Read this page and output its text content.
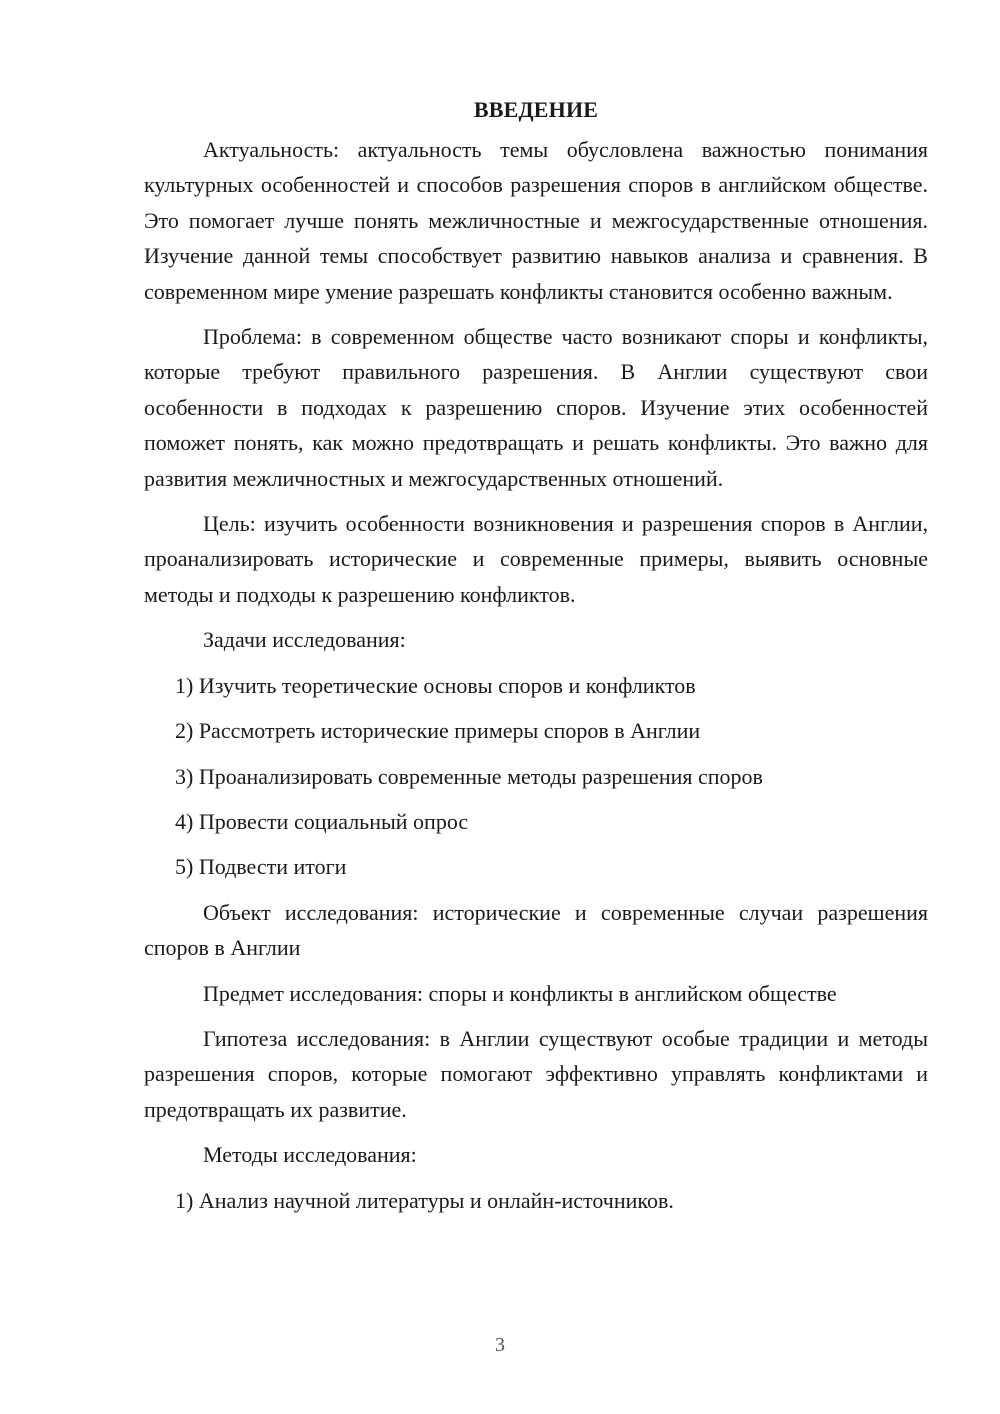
ВВЕДЕНИЕ

Актуальность: актуальность темы обусловлена важностью понимания культурных особенностей и способов разрешения споров в английском обществе. Это помогает лучше понять межличностные и межгосударственные отношения. Изучение данной темы способствует развитию навыков анализа и сравнения. В современном мире умение разрешать конфликты становится особенно важным.

Проблема: в современном обществе часто возникают споры и конфликты, которые требуют правильного разрешения. В Англии существуют свои особенности в подходах к разрешению споров. Изучение этих особенностей поможет понять, как можно предотвращать и решать конфликты. Это важно для развития межличностных и межгосударственных отношений.

Цель: изучить особенности возникновения и разрешения споров в Англии, проанализировать исторические и современные примеры, выявить основные методы и подходы к разрешению конфликтов.

Задачи исследования:
1) Изучить теоретические основы споров и конфликтов
2) Рассмотреть исторические примеры споров в Англии
3) Проанализировать современные методы разрешения споров
4) Провести социальный опрос
5) Подвести итоги

Объект исследования: исторические и современные случаи разрешения споров в Англии

Предмет исследования: споры и конфликты в английском обществе

Гипотеза исследования: в Англии существуют особые традиции и методы разрешения споров, которые помогают эффективно управлять конфликтами и предотвращать их развитие.

Методы исследования:
1) Анализ научной литературы и онлайн-источников.
3
